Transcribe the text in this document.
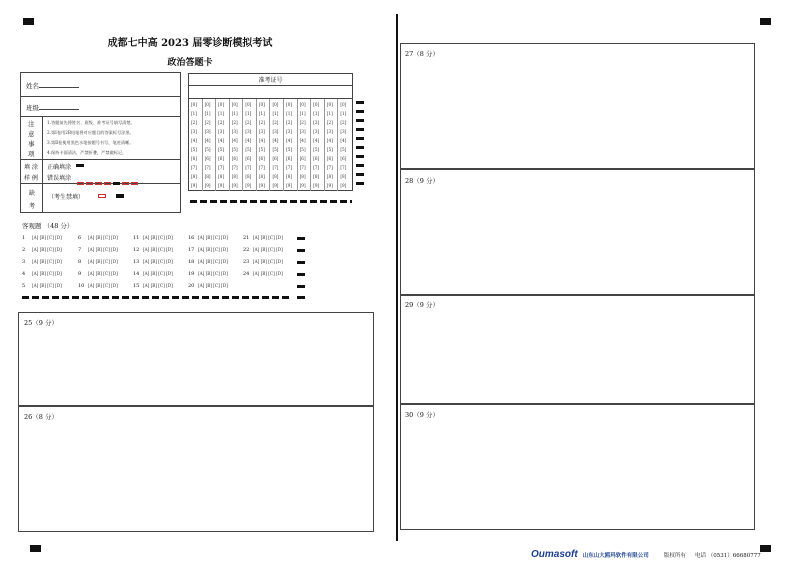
成都七中高 2023 届零诊断模拟考试
政治答题卡
姓名
班级
注
意
事
项
1.答题前先将姓名、班级、准考证号填写清楚。
2.第Ⅰ卷用2B铅笔将对应题目的答案标号涂黑。
3.第Ⅱ卷使用黑色水笔按题号书写，笔迹清晰。
4.保持卡面清洁，严禁折叠，严禁做标记。
填 涂
样 例
正确填涂
错误填涂
缺
考
（考生禁填）
准考证号
[0]
[1]
[2]
[3]
[4]
[5]
[6]
[7]
[8]
[9]
[0]
[1]
[2]
[3]
[4]
[5]
[6]
[7]
[8]
[9]
[0]
[1]
[2]
[3]
[4]
[5]
[6]
[7]
[8]
[9]
[0]
[1]
[2]
[3]
[4]
[5]
[6]
[7]
[8]
[9]
[0]
[1]
[2]
[3]
[4]
[5]
[6]
[7]
[8]
[9]
[0]
[1]
[2]
[3]
[4]
[5]
[6]
[7]
[8]
[9]
[0]
[1]
[2]
[3]
[4]
[5]
[6]
[7]
[8]
[9]
[0]
[1]
[2]
[3]
[4]
[5]
[6]
[7]
[8]
[9]
[0]
[1]
[2]
[3]
[4]
[5]
[6]
[7]
[8]
[9]
[0]
[1]
[2]
[3]
[4]
[5]
[6]
[7]
[8]
[9]
[0]
[1]
[2]
[3]
[4]
[5]
[6]
[7]
[8]
[9]
[0]
[1]
[2]
[3]
[4]
[5]
[6]
[7]
[8]
[9]
客观题 （48 分）
1 [A] [B] [C] [D]
2 [A] [B] [C] [D]
3 [A] [B] [C] [D]
4 [A] [B] [C] [D]
5 [A] [B] [C] [D]
6 [A] [B] [C] [D]
7 [A] [B] [C] [D]
8 [A] [B] [C] [D]
9 [A] [B] [C] [D]
10 [A] [B] [C] [D]
11 [A] [B] [C] [D]
12 [A] [B] [C] [D]
13 [A] [B] [C] [D]
14 [A] [B] [C] [D]
15 [A] [B] [C] [D]
16 [A] [B] [C] [D]
17 [A] [B] [C] [D]
18 [A] [B] [C] [D]
19 [A] [B] [C] [D]
20 [A] [B] [C] [D]
21 [A] [B] [C] [D]
22 [A] [B] [C] [D]
23 [A] [B] [C] [D]
24 [A] [B] [C] [D]
25（9 分）
26（8 分）
27（8 分）
28（9 分）
29（9 分）
30（9 分）
Oumasoft 山东山大鸥玛软件有限公司	版权所有 电话 （0531）66680777
